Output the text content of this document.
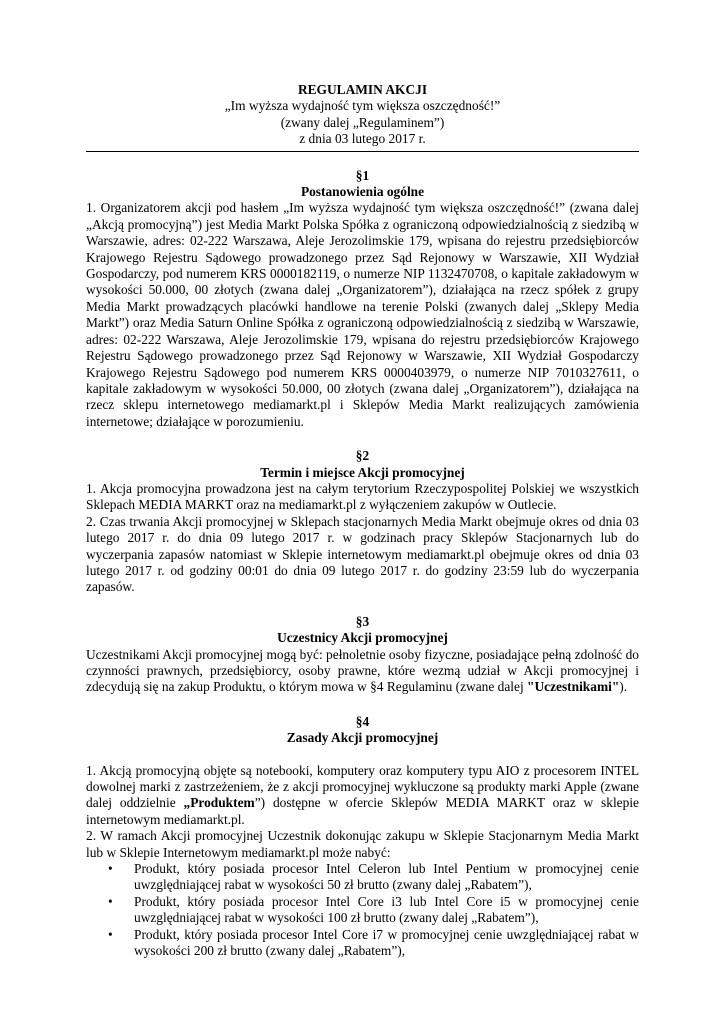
REGULAMIN AKCJI
„Im wyższa wydajność tym większa oszczędność!”
(zwany dalej „Regulaminem”)
z dnia 03 lutego 2017 r.
§1
Postanowienia ogólne

1. Organizatorem akcji pod hasłem „Im wyższa wydajność tym większa oszczędność!” (zwana dalej „Akcją promocyjną”) jest Media Markt Polska Spółka z ograniczoną odpowiedzialnością z siedzibą w Warszawie, adres: 02-222 Warszawa, Aleje Jerozolimskie 179, wpisana do rejestru przedsiębiorców Krajowego Rejestru Sądowego prowadzonego przez Sąd Rejonowy w Warszawie, XII Wydział Gospodarczy, pod numerem KRS 0000182119, o numerze NIP 1132470708, o kapitale zakładowym w wysokości 50.000, 00 złotych (zwana dalej „Organizatorem”), działająca na rzecz spółek z grupy Media Markt prowadzących placówki handlowe na terenie Polski (zwanych dalej „Sklepy Media Markt”) oraz Media Saturn Online Spółka z ograniczoną odpowiedzialnością z siedzibą w Warszawie, adres: 02-222 Warszawa, Aleje Jerozolimskie 179, wpisana do rejestru przedsiębiorców Krajowego Rejestru Sądowego prowadzonego przez Sąd Rejonowy w Warszawie, XII Wydział Gospodarczy Krajowego Rejestru Sądowego pod numerem KRS 0000403979, o numerze NIP 7010327611, o kapitale zakładowym w wysokości 50.000, 00 złotych (zwana dalej „Organizatorem”), działająca na rzecz sklepu internetowego mediamarkt.pl i Sklepów Media Markt realizujących zamówienia internetowe; działające w porozumieniu.

§2
Termin i miejsce Akcji promocyjnej

1. Akcja promocyjna prowadzona jest na całym terytorium Rzeczypospolitej Polskiej we wszystkich Sklepach MEDIA MARKT oraz na mediamarkt.pl z wyłączeniem zakupów w Outlecie.

2. Czas trwania Akcji promocyjnej w Sklepach stacjonarnych Media Markt obejmuje okres od dnia 03 lutego 2017 r. do dnia 09 lutego 2017 r. w godzinach pracy Sklepów Stacjonarnych lub do wyczerpania zapasów natomiast w Sklepie internetowym mediamarkt.pl obejmuje okres od dnia 03 lutego 2017 r. od godziny 00:01 do dnia 09 lutego 2017 r. do godziny 23:59 lub do wyczerpania zapasów.

§3
Uczestnicy Akcji promocyjnej

Uczestnikami Akcji promocyjnej mogą być: pełnoletnie osoby fizyczne, posiadające pełną zdolność do czynności prawnych, przedsiębiorcy, osoby prawne, które wezmą udział w Akcji promocyjnej i zdecydują się na zakup Produktu, o którym mowa w §4 Regulaminu (zwane dalej "Uczestnikami").

§4
Zasady Akcji promocyjnej

1. Akcją promocyjną objęte są notebooki, komputery oraz komputery typu AIO z procesorem INTEL dowolnej marki z zastrzeżeniem, że z akcji promocyjnej wykluczone są produkty marki Apple (zwane dalej oddzielnie „Produktem”) dostępne w ofercie Sklepów MEDIA MARKT oraz w sklepie internetowym mediamarkt.pl.

2. W ramach Akcji promocyjnej Uczestnik dokonując zakupu w Sklepie Stacjonarnym Media Markt lub w Sklepie Internetowym mediamarkt.pl może nabyć:

• Produkt, który posiada procesor Intel Celeron lub Intel Pentium w promocyjnej cenie uwzględniającej rabat w wysokości 50 zł brutto (zwany dalej „Rabatem”),
• Produkt, który posiada procesor Intel Core i3 lub Intel Core i5 w promocyjnej cenie uwzględniającej rabat w wysokości 100 zł brutto (zwany dalej „Rabatem”),
• Produkt, który posiada procesor Intel Core i7 w promocyjnej cenie uwzględniającej rabat w wysokości 200 zł brutto (zwany dalej „Rabatem”),
